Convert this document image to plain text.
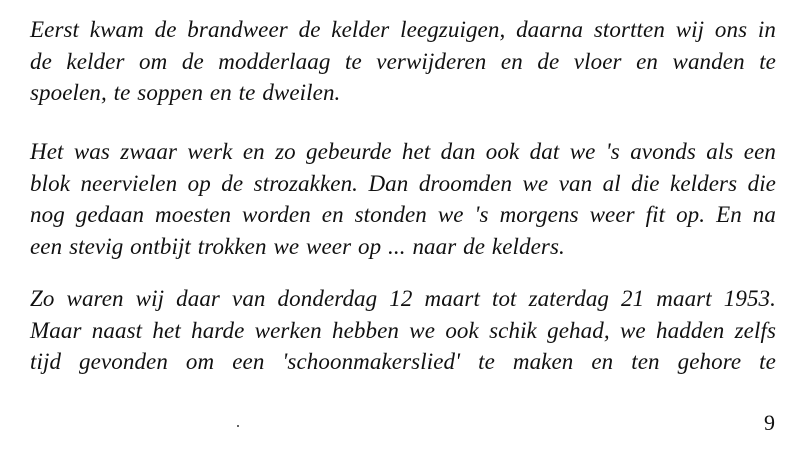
Eerst kwam de brandweer de kelder leegzuigen, daarna stortten wij ons in
de kelder om de modderlaag te verwijderen en de vloer en wanden te
spoelen, te soppen en te dweilen.
Het was zwaar werk en zo gebeurde het dan ook dat we 's avonds als een
blok neervielen op de strozakken. Dan droomden we van al die kelders die
nog gedaan moesten worden en stonden we 's morgens weer fit op. En na
een stevig ontbijt trokken we weer op ... naar de kelders.
Zo waren wij daar van donderdag 12 maart tot zaterdag 21 maart 1953.
Maar naast het harde werken hebben we ook schik gehad, we hadden zelfs
tijd gevonden om een 'schoonmakerslied' te maken en ten gehore te
9
